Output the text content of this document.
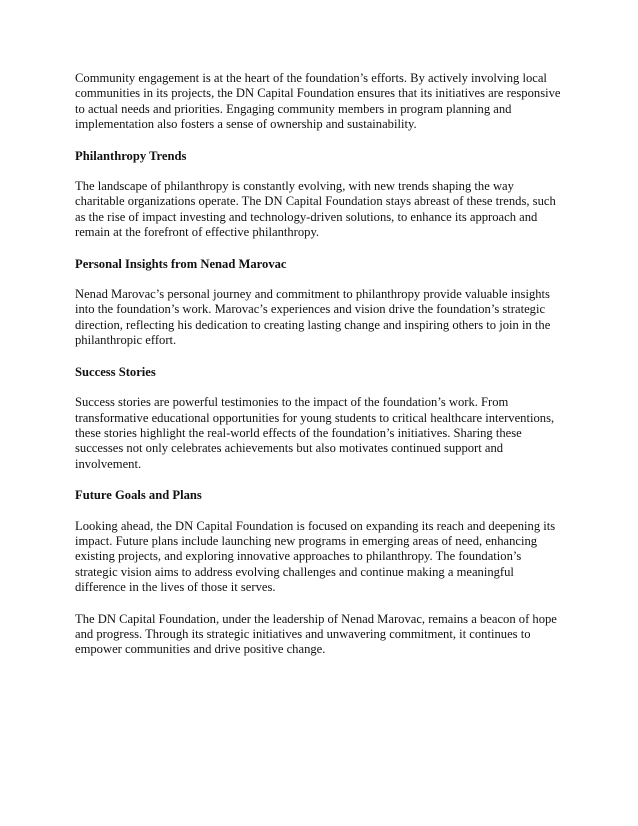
Community engagement is at the heart of the foundation’s efforts. By actively involving local communities in its projects, the DN Capital Foundation ensures that its initiatives are responsive to actual needs and priorities. Engaging community members in program planning and implementation also fosters a sense of ownership and sustainability.

Philanthropy Trends

The landscape of philanthropy is constantly evolving, with new trends shaping the way charitable organizations operate. The DN Capital Foundation stays abreast of these trends, such as the rise of impact investing and technology-driven solutions, to enhance its approach and remain at the forefront of effective philanthropy.

Personal Insights from Nenad Marovac

Nenad Marovac’s personal journey and commitment to philanthropy provide valuable insights into the foundation’s work. Marovac’s experiences and vision drive the foundation’s strategic direction, reflecting his dedication to creating lasting change and inspiring others to join in the philanthropic effort.

Success Stories

Success stories are powerful testimonies to the impact of the foundation’s work. From transformative educational opportunities for young students to critical healthcare interventions, these stories highlight the real-world effects of the foundation’s initiatives. Sharing these successes not only celebrates achievements but also motivates continued support and involvement.

Future Goals and Plans

Looking ahead, the DN Capital Foundation is focused on expanding its reach and deepening its impact. Future plans include launching new programs in emerging areas of need, enhancing existing projects, and exploring innovative approaches to philanthropy. The foundation’s strategic vision aims to address evolving challenges and continue making a meaningful difference in the lives of those it serves.

The DN Capital Foundation, under the leadership of Nenad Marovac, remains a beacon of hope and progress. Through its strategic initiatives and unwavering commitment, it continues to empower communities and drive positive change.
